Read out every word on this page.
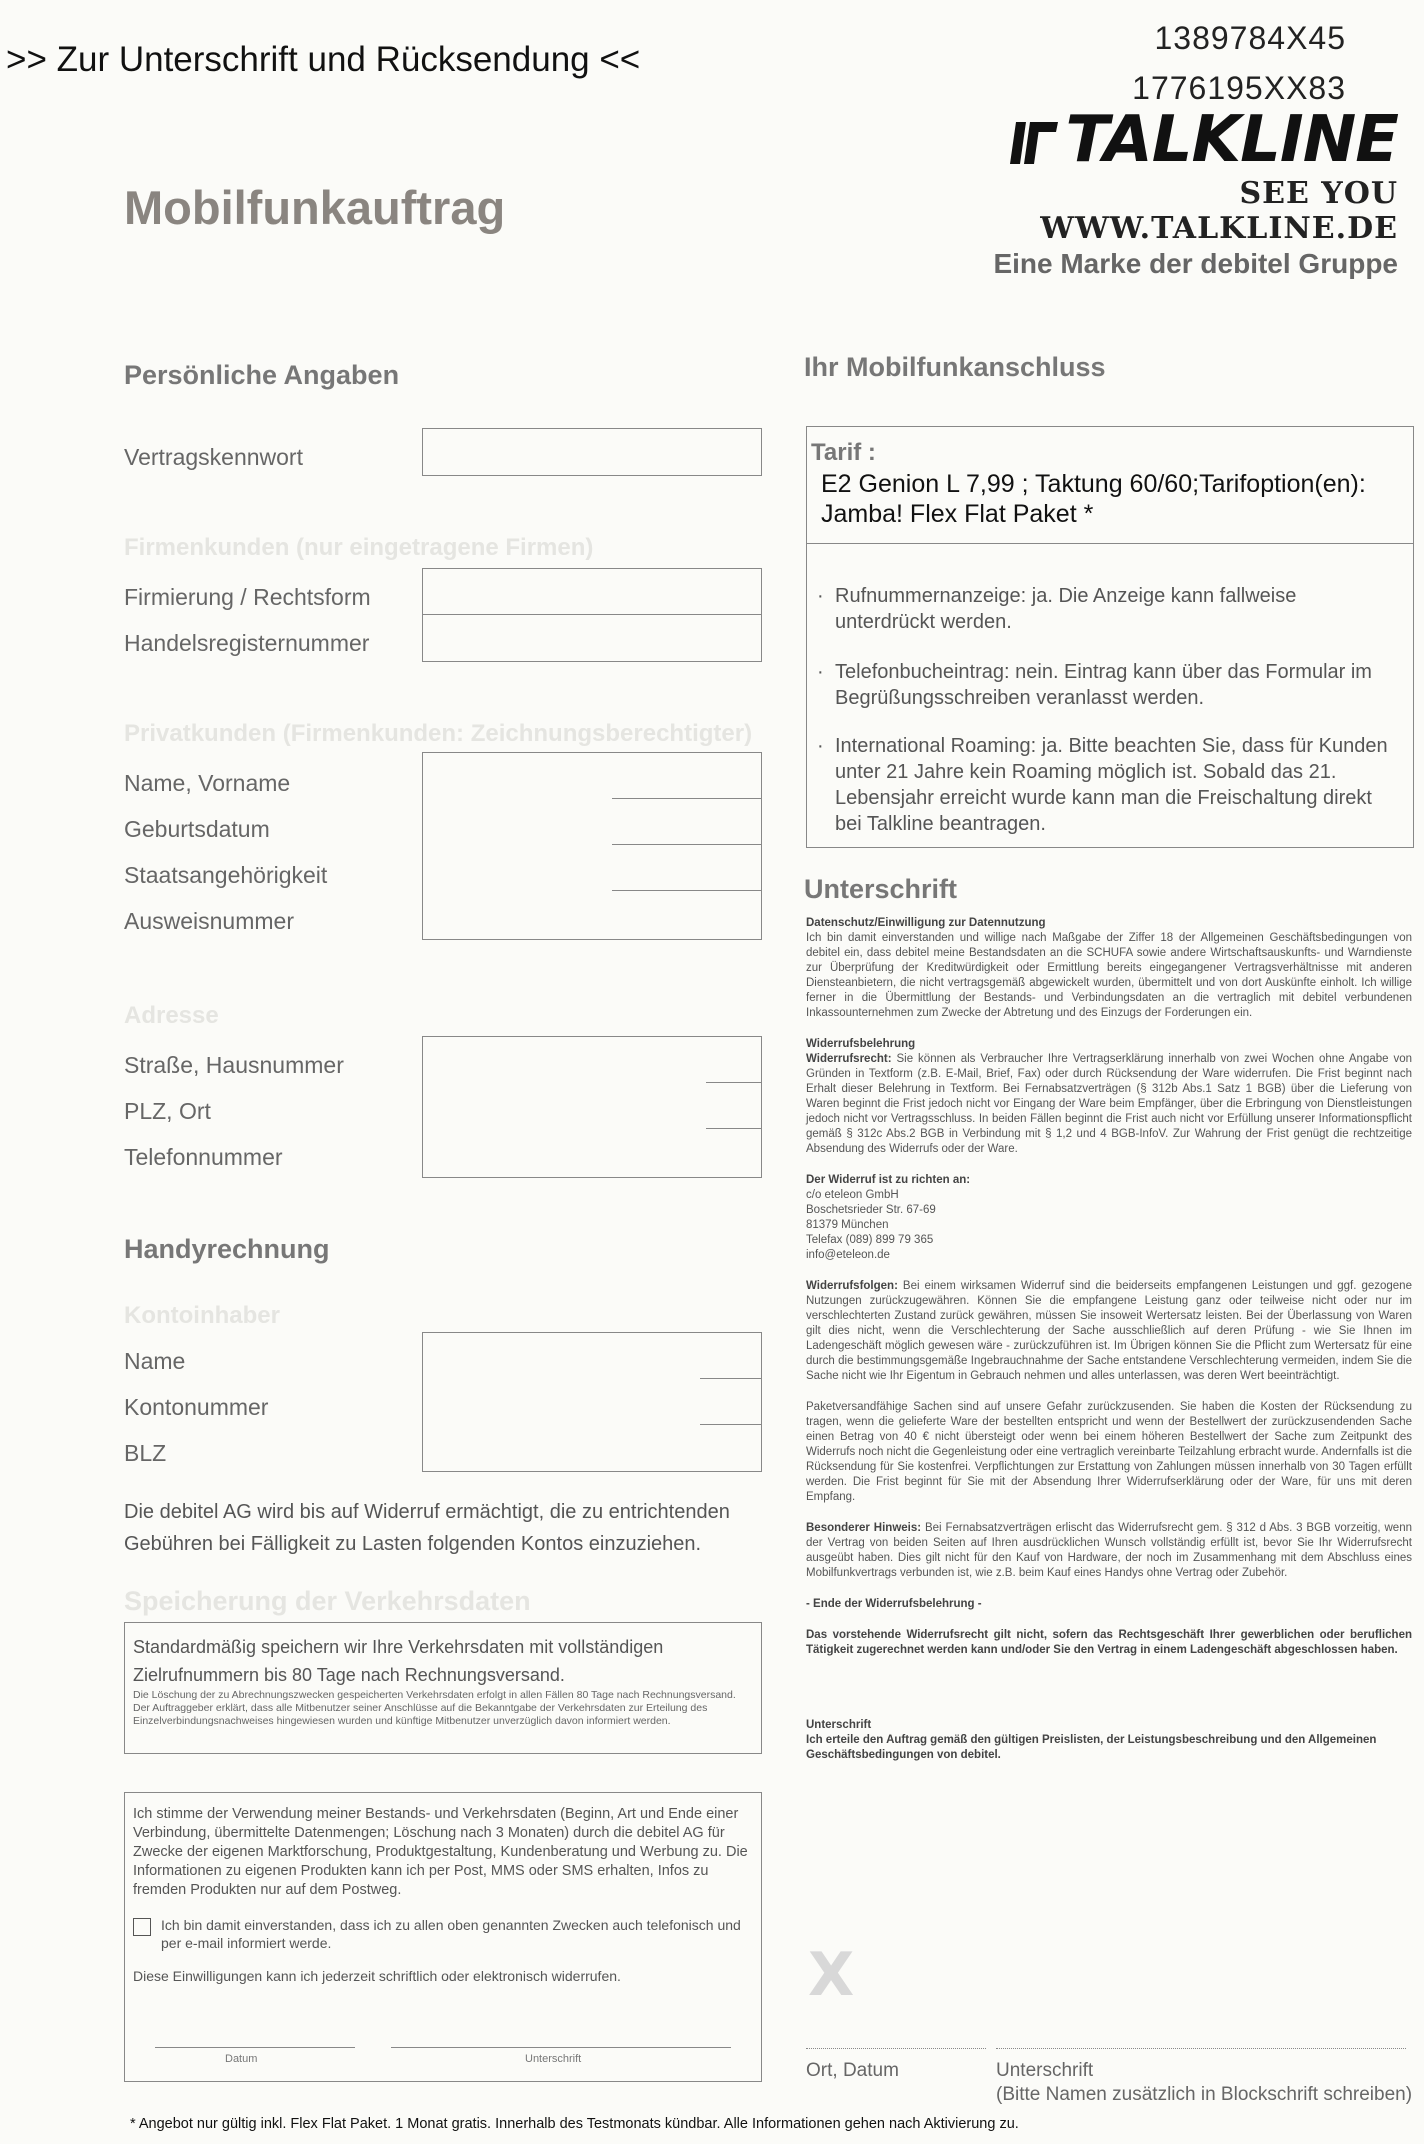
>> Zur Unterschrift und Rücksendung <<
1389784X45
1776195XX83
TALKLINE
SEE YOU WWW.TALKLINE.DE
Eine Marke der debitel Gruppe
Mobilfunkauftrag
Persönliche Angaben
Vertragskennwort
Firmenkunden (nur eingetragene Firmen)
Firmierung / Rechtsform
Handelsregisternummer
Privatkunden (Firmenkunden: Zeichnungsberechtigter)
Name, Vorname
Geburtsdatum
Staatsangehörigkeit
Ausweisnummer
Adresse
Straße, Hausnummer
PLZ, Ort
Telefonnummer
Handyrechnung
Kontoinhaber
Name
Kontonummer
BLZ
Die debitel AG wird bis auf Widerruf ermächtigt, die zu entrichtenden Gebühren bei Fälligkeit zu Lasten folgenden Kontos einzuziehen.
Speicherung der Verkehrsdaten
Standardmäßig speichern wir Ihre Verkehrsdaten mit vollständigen Zielrufnummern bis 80 Tage nach Rechnungsversand.
Die Löschung der zu Abrechnungszwecken gespeicherten Verkehrsdaten erfolgt in allen Fällen 80 Tage nach Rechnungsversand. Der Auftraggeber erklärt, dass alle Mitbenutzer seiner Anschlüsse auf die Bekanntgabe der Verkehrsdaten zur Erteilung des Einzelverbindungsnachweises hingewiesen wurden und künftige Mitbenutzer unverzüglich davon informiert werden.
Ich stimme der Verwendung meiner Bestands- und Verkehrsdaten (Beginn, Art und Ende einer Verbindung, übermittelte Datenmengen; Löschung nach 3 Monaten) durch die debitel AG für Zwecke der eigenen Marktforschung, Produktgestaltung, Kundenberatung und Werbung zu. Die Informationen zu eigenen Produkten kann ich per Post, MMS oder SMS erhalten, Infos zu fremden Produkten nur auf dem Postweg.
Ich bin damit einverstanden, dass ich zu allen oben genannten Zwecken auch telefonisch und per e-mail informiert werde.
Diese Einwilligungen kann ich jederzeit schriftlich oder elektronisch widerrufen.
Datum	Unterschrift
Ihr Mobilfunkanschluss
Tarif :
E2 Genion L 7,99 ; Taktung 60/60;Tarifoption(en):
Jamba! Flex Flat Paket *
· Rufnummernanzeige: ja. Die Anzeige kann fallweise unterdrückt werden.
· Telefonbucheintrag: nein. Eintrag kann über das Formular im Begrüßungsschreiben veranlasst werden.
· International Roaming: ja. Bitte beachten Sie, dass für Kunden unter 21 Jahre kein Roaming möglich ist. Sobald das 21. Lebensjahr erreicht wurde kann man die Freischaltung direkt bei Talkline beantragen.
Unterschrift
Datenschutz/Einwilligung zur Datennutzung
Ich bin damit einverstanden und willige nach Maßgabe der Ziffer 18 der Allgemeinen Geschäftsbedingungen von debitel ein, dass debitel meine Bestandsdaten an die SCHUFA sowie andere Wirtschaftsauskunfts- und Warndienste zur Überprüfung der Kreditwürdigkeit oder Ermittlung bereits eingegangener Vertragsverhältnisse mit anderen Diensteanbietern, die nicht vertragsgemäß abgewickelt wurden, übermittelt und von dort Auskünfte einholt. Ich willige ferner in die Übermittlung der Bestands- und Verbindungsdaten an die vertraglich mit debitel verbundenen Inkassounternehmen zum Zwecke der Abtretung und des Einzugs der Forderungen ein.
Widerrufsbelehrung
Widerrufsrecht: Sie können als Verbraucher Ihre Vertragserklärung innerhalb von zwei Wochen ohne Angabe von Gründen in Textform (z.B. E-Mail, Brief, Fax) oder durch Rücksendung der Ware widerrufen. Die Frist beginnt nach Erhalt dieser Belehrung in Textform. Bei Fernabsatzverträgen (§ 312b Abs.1 Satz 1 BGB) über die Lieferung von Waren beginnt die Frist jedoch nicht vor Eingang der Ware beim Empfänger, über die Erbringung von Dienstleistungen jedoch nicht vor Vertragsschluss. In beiden Fällen beginnt die Frist auch nicht vor Erfüllung unserer Informationspflicht gemäß § 312c Abs.2 BGB in Verbindung mit § 1,2 und 4 BGB-InfoV. Zur Wahrung der Frist genügt die rechtzeitige Absendung des Widerrufs oder der Ware.
Der Widerruf ist zu richten an:
c/o eteleon GmbH
Boschetsrieder Str. 67-69
81379 München
Telefax (089) 899 79 365
info@eteleon.de
Widerrufsfolgen: Bei einem wirksamen Widerruf sind die beiderseits empfangenen Leistungen und ggf. gezogene Nutzungen zurückzugewähren. Können Sie die empfangene Leistung ganz oder teilweise nicht oder nur im verschlechterten Zustand zurück gewähren, müssen Sie insoweit Wertersatz leisten. Bei der Überlassung von Waren gilt dies nicht, wenn die Verschlechterung der Sache ausschließlich auf deren Prüfung - wie Sie Ihnen im Ladengeschäft möglich gewesen wäre - zurückzuführen ist. Im Übrigen können Sie die Pflicht zum Wertersatz für eine durch die bestimmungsgemäße Ingebrauchnahme der Sache entstandene Verschlechterung vermeiden, indem Sie die Sache nicht wie Ihr Eigentum in Gebrauch nehmen und alles unterlassen, was deren Wert beeinträchtigt.
Paketversandfähige Sachen sind auf unsere Gefahr zurückzusenden. Sie haben die Kosten der Rücksendung zu tragen, wenn die gelieferte Ware der bestellten entspricht und wenn der Bestellwert der zurückzusendenden Sache einen Betrag von 40 € nicht übersteigt oder wenn bei einem höheren Bestellwert der Sache zum Zeitpunkt des Widerrufs noch nicht die Gegenleistung oder eine vertraglich vereinbarte Teilzahlung erbracht wurde. Andernfalls ist die Rücksendung für Sie kostenfrei. Verpflichtungen zur Erstattung von Zahlungen müssen innerhalb von 30 Tagen erfüllt werden. Die Frist beginnt für Sie mit der Absendung Ihrer Widerrufserklärung oder der Ware, für uns mit deren Empfang.
Besonderer Hinweis: Bei Fernabsatzverträgen erlischt das Widerrufsrecht gem. § 312 d Abs. 3 BGB vorzeitig, wenn der Vertrag von beiden Seiten auf Ihren ausdrücklichen Wunsch vollständig erfüllt ist, bevor Sie Ihr Widerrufsrecht ausgeübt haben. Dies gilt nicht für den Kauf von Hardware, der noch im Zusammenhang mit dem Abschluss eines Mobilfunkvertrags verbunden ist, wie z.B. beim Kauf eines Handys ohne Vertrag oder Zubehör.
- Ende der Widerrufsbelehrung -
Das vorstehende Widerrufsrecht gilt nicht, sofern das Rechtsgeschäft Ihrer gewerblichen oder beruflichen Tätigkeit zugerechnet werden kann und/oder Sie den Vertrag in einem Ladengeschäft abgeschlossen haben.
Unterschrift
Ich erteile den Auftrag gemäß den gültigen Preislisten, der Leistungsbeschreibung und den Allgemeinen Geschäftsbedingungen von debitel.
X
Ort, Datum	Unterschrift
(Bitte Namen zusätzlich in Blockschrift schreiben)
* Angebot nur gültig inkl. Flex Flat Paket. 1 Monat gratis. Innerhalb des Testmonats kündbar. Alle Informationen gehen nach Aktivierung zu.
